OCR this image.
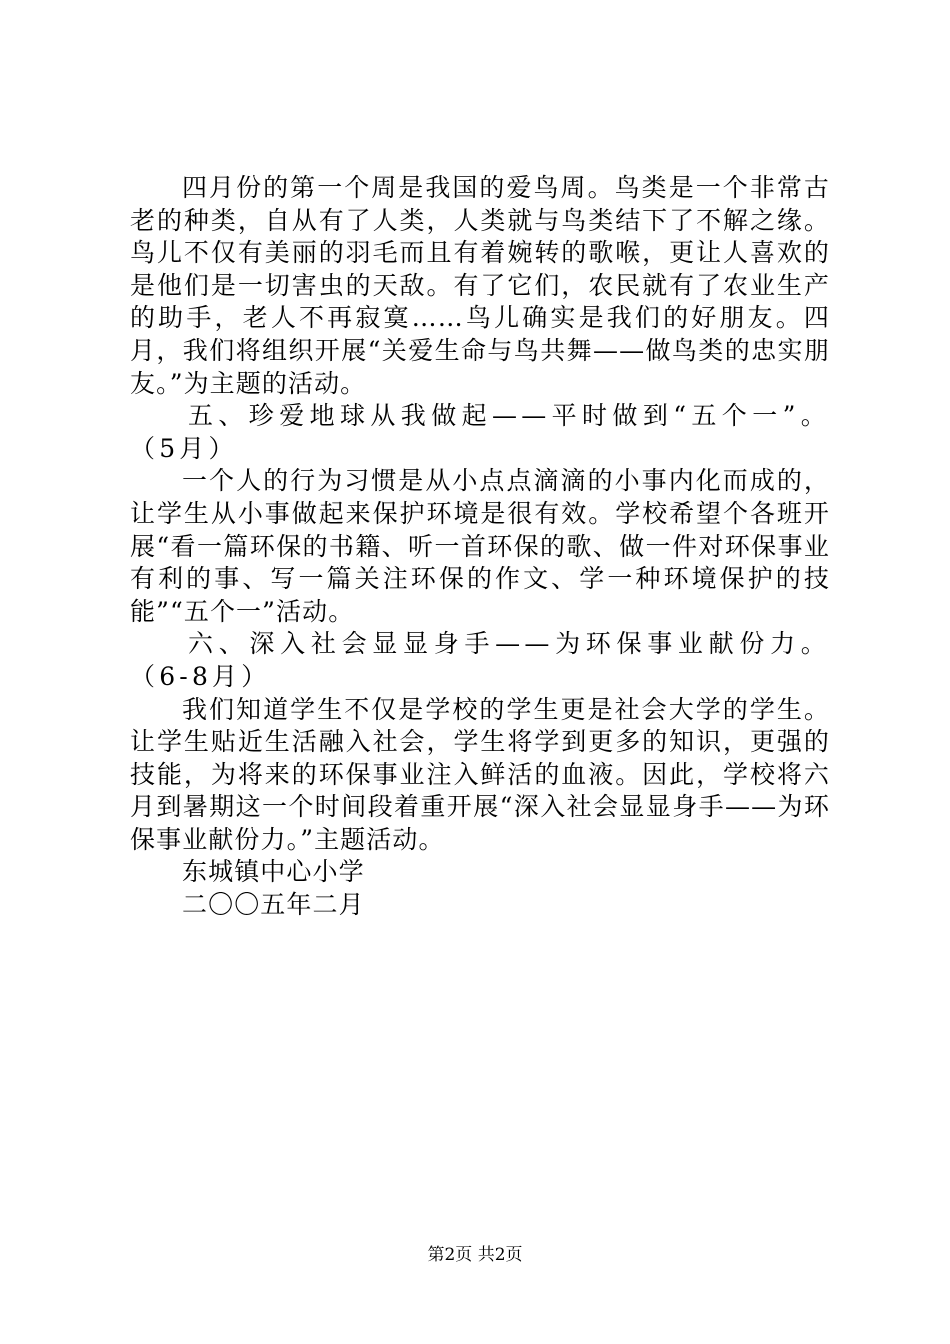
四月份的第一个周是我国的爱鸟周。鸟类是一个非常古老的种类，自从有了人类，人类就与鸟类结下了不解之缘。鸟儿不仅有美丽的羽毛而且有着婉转的歌喉，更让人喜欢的是他们是一切害虫的天敌。有了它们，农民就有了农业生产的助手，老人不再寂寞……鸟儿确实是我们的好朋友。四月，我们将组织开展“关爱生命与鸟共舞——做鸟类的忠实朋友。”为主题的活动。

五、珍爱地球从我做起——平时做到“五个一”。（5月）

一个人的行为习惯是从小点点滴滴的小事内化而成的，让学生从小事做起来保护环境是很有效。学校希望个各班开展“看一篇环保的书籍、听一首环保的歌、做一件对环保事业有利的事、写一篇关注环保的作文、学一种环境保护的技能”“五个一”活动。

六、深入社会显显身手——为环保事业献份力。（6-8月）

我们知道学生不仅是学校的学生更是社会大学的学生。让学生贴近生活融入社会，学生将学到更多的知识，更强的技能，为将来的环保事业注入鲜活的血液。因此，学校将六月到暑期这一个时间段着重开展“深入社会显显身手——为环保事业献份力。”主题活动。

东城镇中心小学

二〇〇五年二月

第2页 共2页
